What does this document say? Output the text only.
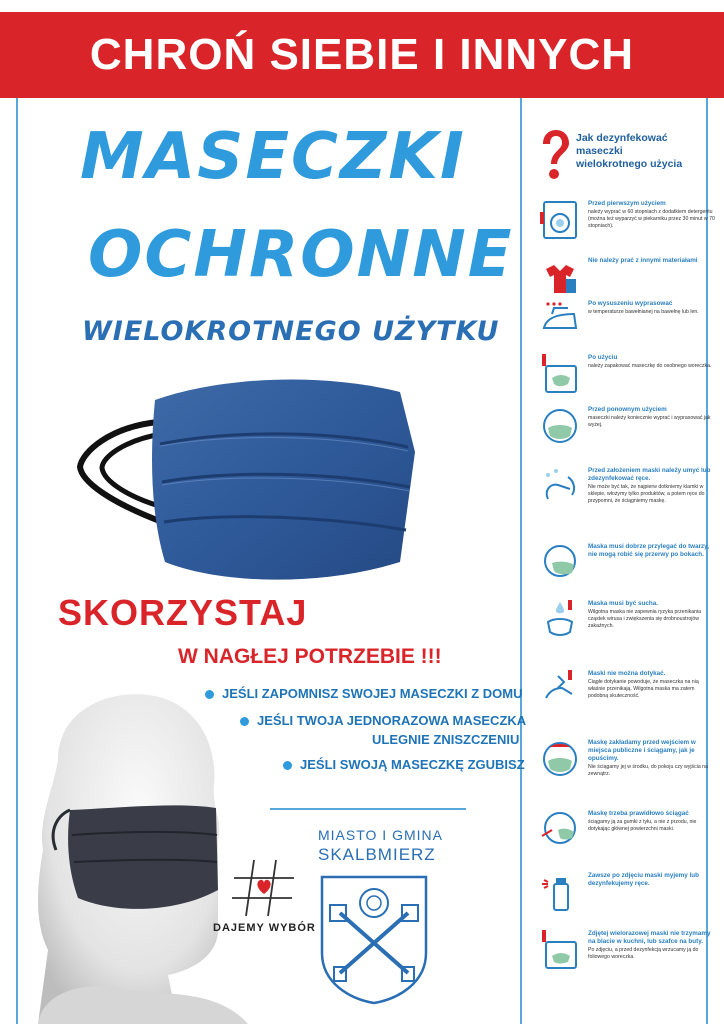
CHROŃ SIEBIE I INNYCH
MASECZKI
OCHRONNE
WIELOKROTNEGO UŻYTKU
SKORZYSTAJ
W NAGŁEJ POTRZEBIE !!!
JEŚLI ZAPOMNISZ SWOJEJ MASECZKI Z DOMU
JEŚLI TWOJA JEDNORAZOWA MASECZKA
ULEGNIE ZNISZCZENIU
JEŚLI SWOJĄ MASECZKĘ ZGUBISZ
MIASTO I GMINA
SKALBMIERZ
DAJEMY WYBÓR
Jak dezynfekować maseczki wielokrotnego użycia
Przed pierwszym użyciem
należy wyprać w 60 stopniach z dodatkiem detergentu (można też wyparzyć w piekarniku przez 30 minut w 70 stopniach).
Nie należy prać z innymi materiałami
Po wysuszeniu wyprasować
w temperaturze bawełnianej na bawełnę lub len.
Po użyciu
należy zapakować maseczkę do osobnego woreczka.
Przed ponownym użyciem
maseczki należy koniecznie wyprać i wyprasować jak wyżej.
Przed założeniem maski należy umyć lub zdezynfekować ręce.
Nie może być tak, że najpierw dotkniemy klamki w sklepie, włożymy tylko produktów, a potem ręce do przypomni, że ściągniemy maskę.
Maska musi dobrze przylegać do twarzy, nie mogą robić się przerwy po bokach.
Maska musi być sucha.
Wilgotna maska nie zapewnia ryzyka przenikania cząstek wirusa i zwiększenia się drobnoustrojów zakaźnych.
Maski nie można dotykać.
Ciągłe dotykanie powoduje, że maseczka na nią właśnie przenikają. Wilgotna maska ma zatem podobną skuteczność.
Maskę zakładamy przed wejściem w miejsca publiczne i ściągamy, jak je opuścimy.
Nie ściągamy jej w środku, do pokoju czy wyjścia na zewnątrz.
Maskę trzeba prawidłowo ściągać
ściągamy ją za gumki z tyłu, a nie z przodu, nie dotykając głównej powierzchni maski.
Zawsze po zdjęciu maski myjemy lub dezynfekujemy ręce.
Zdjętej wielorazowej maski nie trzymamy na blacie w kuchni, lub szafce na buty.
Po zdjęciu, a przed dezynfekcją wrzucamy ją do foliowego woreczka.
